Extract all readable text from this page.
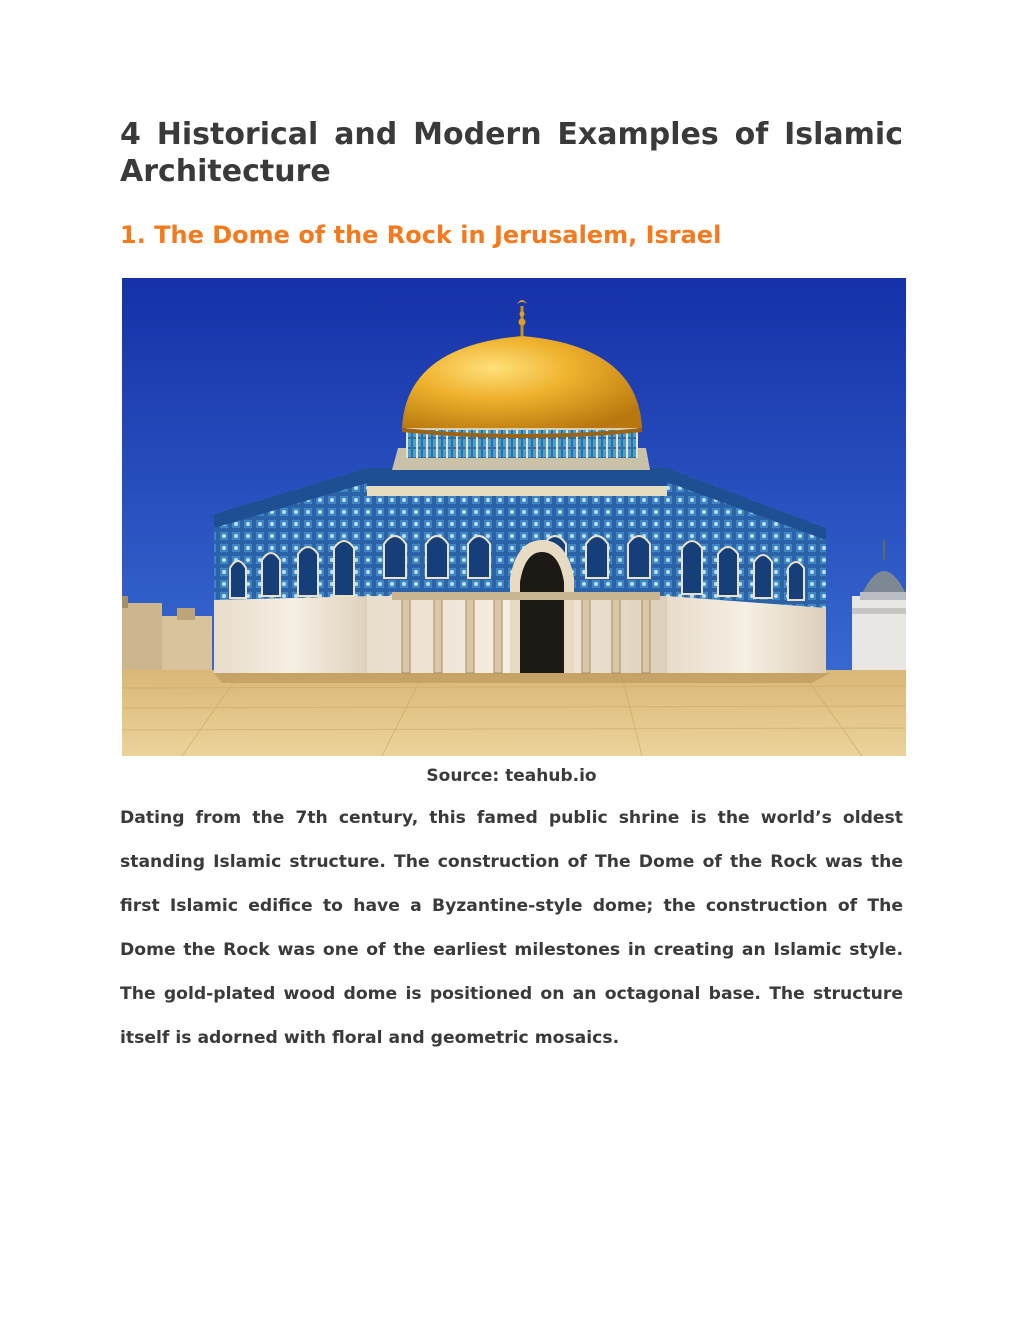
4 Historical and Modern Examples of Islamic Architecture
1. The Dome of the Rock in Jerusalem, Israel

Source: teahub.io

Dating from the 7th century, this famed public shrine is the world’s oldest standing Islamic structure. The construction of The Dome of the Rock was the first Islamic edifice to have a Byzantine-style dome; the construction of The Dome the Rock was one of the earliest milestones in creating an Islamic style. The gold-plated wood dome is positioned on an octagonal base. The structure itself is adorned with floral and geometric mosaics.
